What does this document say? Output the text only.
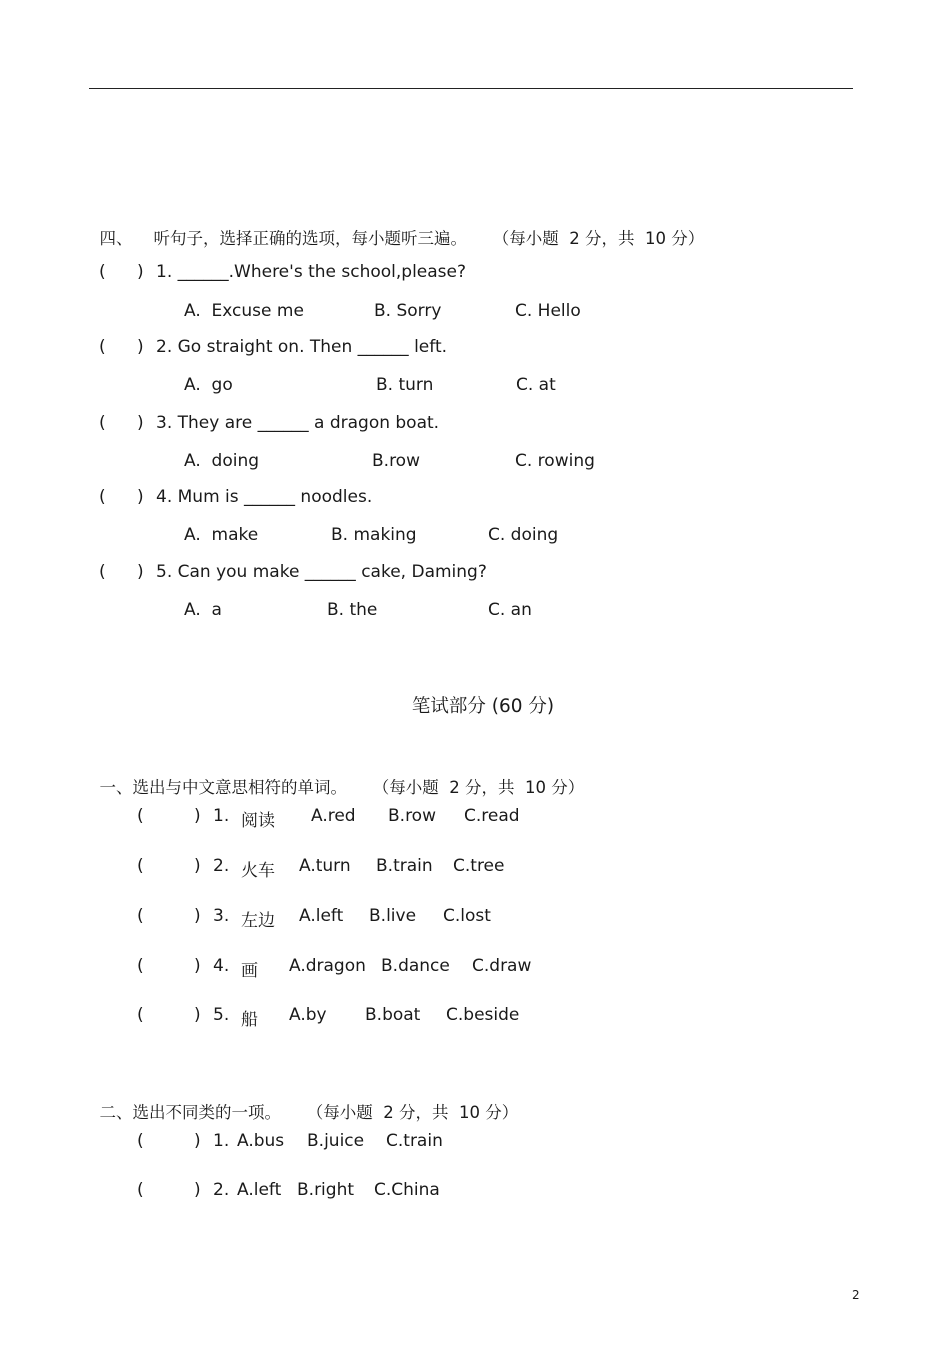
四、    听句子，选择正确的选项，每小题听三遍。 （每小题  2 分，共  10 分）

( ) 1. ______.Where's the school,please?
A.  Excuse me	B. Sorry	C. Hello
( ) 2. Go straight on. Then ______ left.
A.  go	B. turn	C. at
( ) 3. They are ______ a dragon boat.
A.  doing	B.row	C. rowing
( ) 4. Mum is ______ noodles.
A.  make	B. making	C. doing
( ) 5. Can you make ______ cake, Daming?
A.  a	B. the	C. an
笔试部分 (60 分)

一、选出与中文意思相符的单词。 （每小题  2 分，共  10 分）

(	) 1. 阅读 A.red B.row C.read
(	) 2. 火车 A.turn B.train C.tree
(	) 3. 左边 A.left B.live C.lost
(	) 4. 画 A.dragon B.dance C.draw
(	) 5. 船 A.by B.boat C.beside

二、选出不同类的一项。 （每小题  2 分，共  10 分）

(	) 1. A.bus B.juice C.train
(	) 2. A.left B.right C.China
2
